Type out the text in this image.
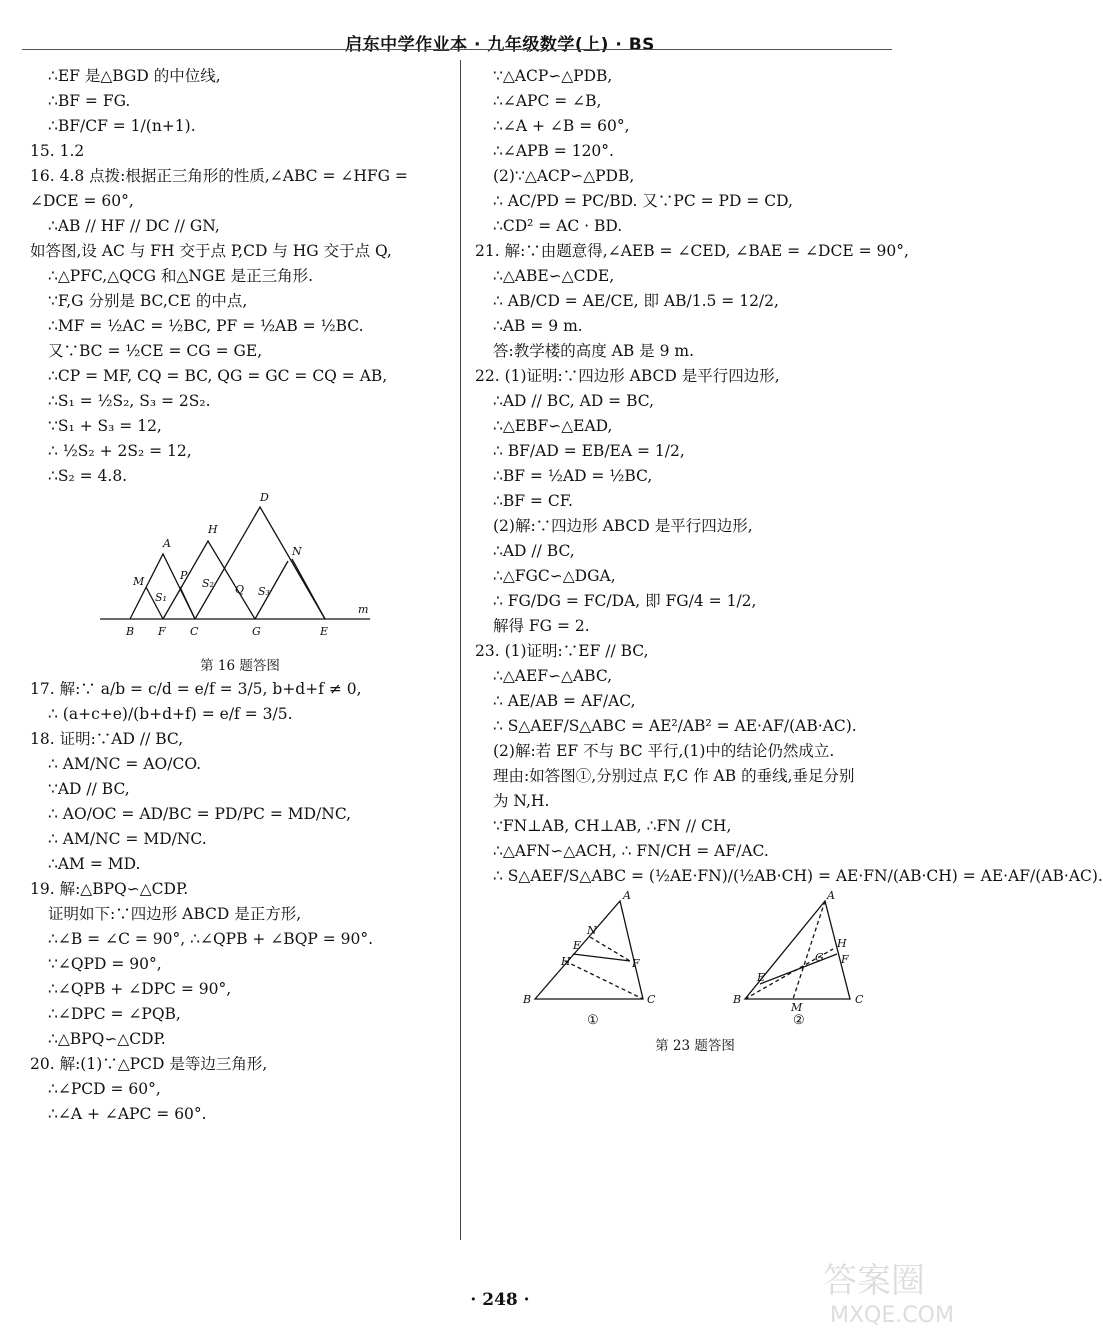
启东中学作业本 · 九年级数学(上) · BS
∴EF 是△BGD 的中位线,
∴BF = FG.
∴BF/CF = 1/(n+1).
15. 1.2
16. 4.8 点拨:根据正三角形的性质,∠ABC = ∠HFG =
∠DCE = 60°,
∴AB // HF // DC // GN,
如答图,设 AC 与 FH 交于点 P,CD 与 HG 交于点 Q,
∴△PFC,△QCG 和△NGE 是正三角形.
∵F,G 分别是 BC,CE 的中点,
∴MF = ½AC = ½BC, PF = ½AB = ½BC.
又∵BC = ½CE = CG = GE,
∴CP = MF, CQ = BC, QG = GC = CQ = AB,
∴S₁ = ½S₂, S₃ = 2S₂.
∵S₁ + S₃ = 12,
∴ ½S₂ + 2S₂ = 12,
∴S₂ = 4.8.
D
H
A
P
S₂ Q S₃
N
M
S₁
B F C	G	E
m
第 16 题答图
17. 解:∵ a/b = c/d = e/f = 3/5, b+d+f ≠ 0,
∴ (a+c+e)/(b+d+f) = e/f = 3/5.
18. 证明:∵AD // BC,
∴ AM/NC = AO/CO.
∵AD // BC,
∴ AO/OC = AD/BC = PD/PC = MD/NC,
∴ AM/NC = MD/NC.
∴AM = MD.
19. 解:△BPQ∽△CDP.
证明如下:∵四边形 ABCD 是正方形,
∴∠B = ∠C = 90°, ∴∠QPB + ∠BQP = 90°.
∵∠QPD = 90°,
∴∠QPB + ∠DPC = 90°,
∴∠DPC = ∠PQB,
∴△BPQ∽△CDP.
20. 解:(1)∵△PCD 是等边三角形,
∴∠PCD = 60°,
∴∠A + ∠APC = 60°.
∵△ACP∽△PDB,
∴∠APC = ∠B,
∴∠A + ∠B = 60°,
∴∠APB = 120°.
(2)∵△ACP∽△PDB,
∴ AC/PD = PC/BD. 又∵PC = PD = CD,
∴CD² = AC · BD.
21. 解:∵由题意得,∠AEB = ∠CED, ∠BAE = ∠DCE = 90°,
∴△ABE∽△CDE,
∴ AB/CD = AE/CE, 即 AB/1.5 = 12/2,
∴AB = 9 m.
答:教学楼的高度 AB 是 9 m.
22. (1)证明:∵四边形 ABCD 是平行四边形,
∴AD // BC, AD = BC,
∴△EBF∽△EAD,
∴ BF/AD = EB/EA = 1/2,
∴BF = ½AD = ½BC,
∴BF = CF.
(2)解:∵四边形 ABCD 是平行四边形,
∴AD // BC,
∴△FGC∽△DGA,
∴ FG/DG = FC/DA, 即 FG/4 = 1/2,
解得 FG = 2.
23. (1)证明:∵EF // BC,
∴△AEF∽△ABC,
∴ AE/AB = AF/AC,
∴ S△AEF/S△ABC = AE²/AB² = AE·AF/(AB·AC).
(2)解:若 EF 不与 BC 平行,(1)中的结论仍然成立.
理由:如答图①,分别过点 F,C 作 AB 的垂线,垂足分别
为 N,H.
∵FN⊥AB, CH⊥AB, ∴FN // CH,
∴△AFN∽△ACH, ∴ FN/CH = AF/AC.
∴ S△AEF/S△ABC = (½AE·FN)/(½AB·CH) = AE·FN/(AB·CH) = AE·AF/(AB·AC).
A
N
E
H	F
B	C
A
H
G F
E
B
M
C
①	②
第 23 题答图
· 248 ·	答案圈
MXQE.COM
